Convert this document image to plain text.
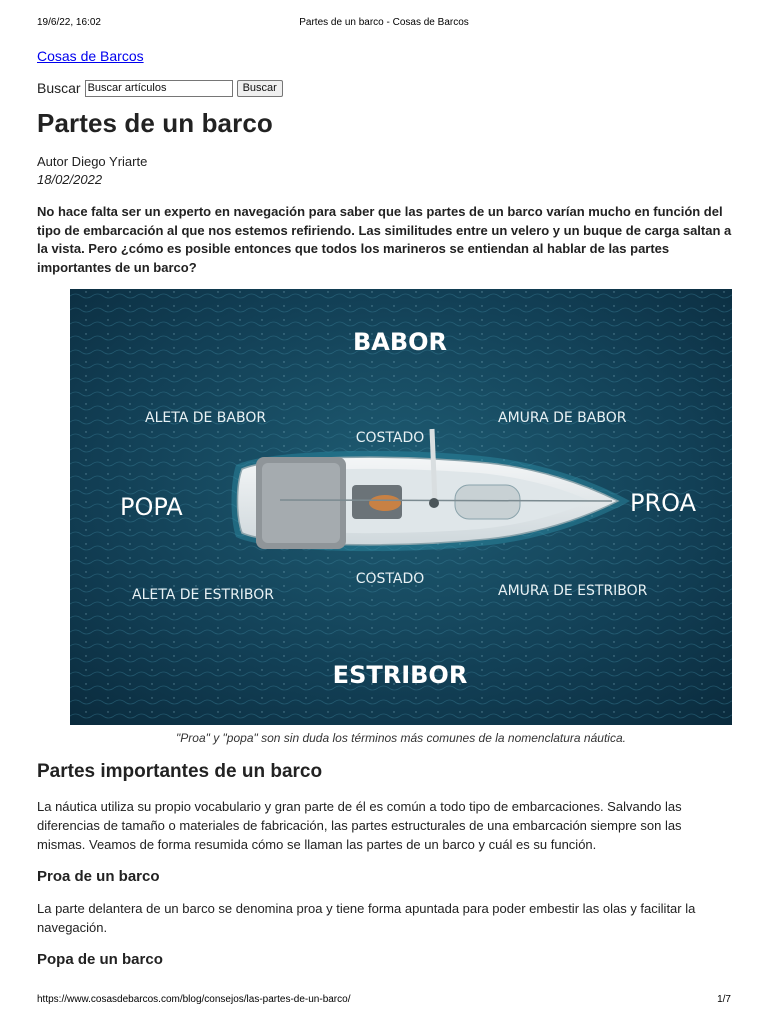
19/6/22, 16:02	Partes de un barco - Cosas de Barcos
Cosas de Barcos
Buscar
Buscar artículos	Buscar
Partes de un barco
Autor Diego Yriarte
18/02/2022
No hace falta ser un experto en navegación para saber que las partes de un barco varían mucho en función del tipo de embarcación al que nos estemos refiriendo. Las similitudes entre un velero y un buque de carga saltan a la vista. Pero ¿cómo es posible entonces que todos los marineros se entiendan al hablar de las partes importantes de un barco?
BABOR
ESTRIBOR
POPA	PROA
ALETA DE BABOR	AMURA DE BABOR
ALETA DE ESTRIBOR	AMURA DE ESTRIBOR
COSTADO
COSTADO
"Proa" y "popa" son sin duda los términos más comunes de la nomenclatura náutica.
Partes importantes de un barco

La náutica utiliza su propio vocabulario y gran parte de él es común a todo tipo de embarcaciones. Salvando las diferencias de tamaño o materiales de fabricación, las partes estructurales de una embarcación siempre son las mismas. Veamos de forma resumida cómo se llaman las partes de un barco y cuál es su función.

Proa de un barco

La parte delantera de un barco se denomina proa y tiene forma apuntada para poder embestir las olas y facilitar la navegación.

Popa de un barco
https://www.cosasdebarcos.com/blog/consejos/las-partes-de-un-barco/	1/7
